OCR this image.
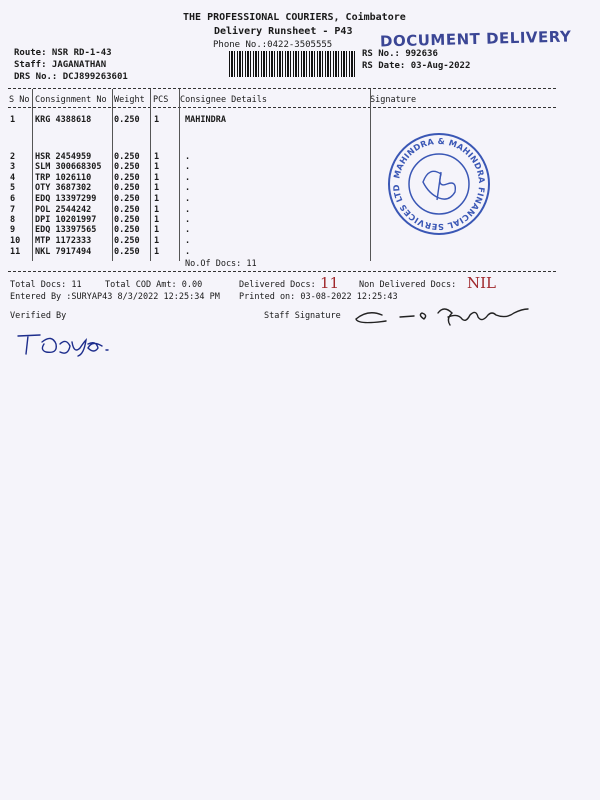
THE PROFESSIONAL COURIERS, Coimbatore
Delivery Runsheet - P43
Phone No.:0422-3505555	DOCUMENT DELIVERY
Route: NSR RD-1-43
Staff: JAGANATHAN
DRS No.: DCJ899263601
RS No.: 992636
RS Date: 03-Aug-2022
S No Consignment No Weight PCS Consignee Details	Signature
1 KRG 4388618	0.250 1	MAHINDRA
2 HSR 2454959	0.250 1	.
3 SLM 300668305 0.250 1	.
4 TRP 1026110	0.250 1	.
5 OTY 3687302	0.250 1	.
6 EDQ 13397299 0.250 1	.
7 POL 2544242	0.250 1	.
8 DPI 10201997 0.250 1	.
9 EDQ 13397565 0.250 1	.
10 MTP 1172333	0.250 1	.
11 NKL 7917494	0.250 1	.
No.Of Docs: 11
MAHINDRA & MAHINDRA FINANCIAL SERVICES LTD
Total Docs: 11	Total COD Amt: 0.00	Delivered Docs: 11 Non Delivered Docs: NIL
Entered By :SURYAP43 8/3/2022 12:25:34 PM Printed on: 03-08-2022 12:25:43
Verified By	Staff Signature
